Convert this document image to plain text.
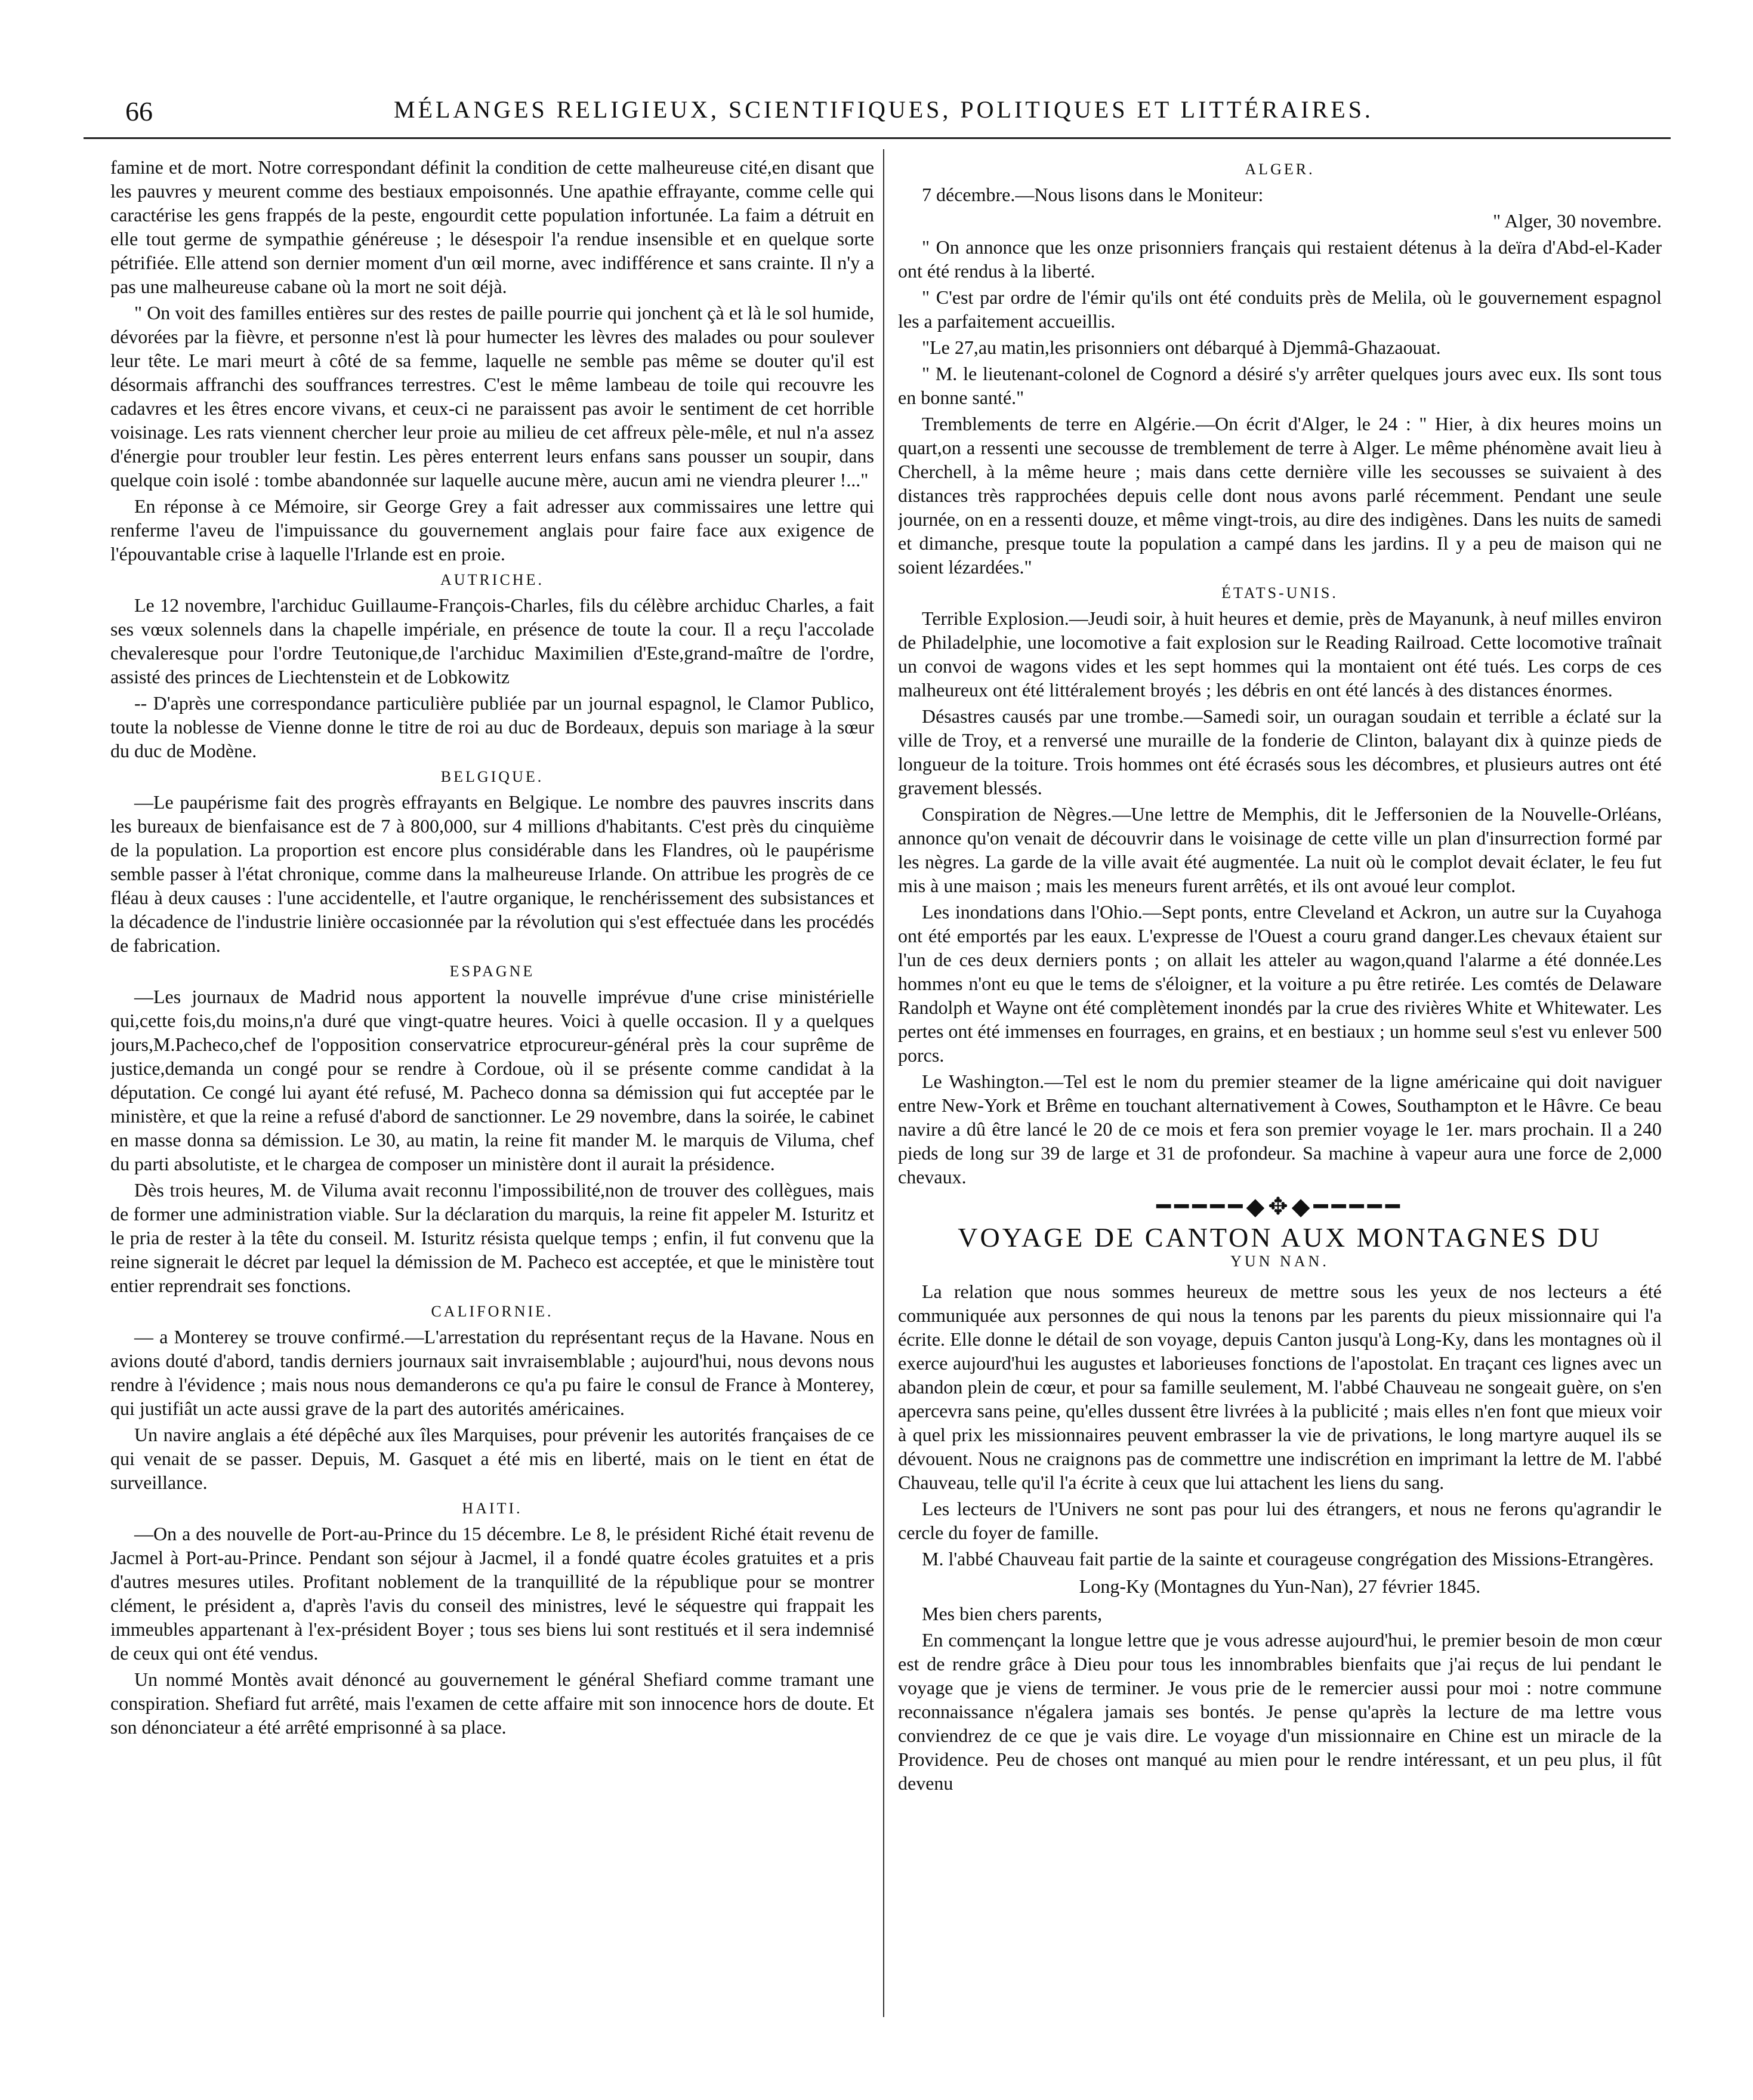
66	MÉLANGES RELIGIEUX, SCIENTIFIQUES, POLITIQUES ET LITTÉRAIRES.

famine et de mort. Notre correspondant définit la condition de cette malheureuse cité,en disant que les pauvres y meurent comme des bestiaux empoisonnés. Une apathie effrayante, comme celle qui caractérise les gens frappés de la peste, engourdit cette population infortunée. La faim a détruit en elle tout germe de sympathie généreuse ; le désespoir l'a rendue insensible et en quelque sorte pétrifiée. Elle attend son dernier moment d'un œil morne, avec indifférence et sans crainte. Il n'y a pas une malheureuse cabane où la mort ne soit déjà.

" On voit des familles entières sur des restes de paille pourrie qui jonchent çà et là le sol humide, dévorées par la fièvre, et personne n'est là pour humecter les lèvres des malades ou pour soulever leur tête. Le mari meurt à côté de sa femme, laquelle ne semble pas même se douter qu'il est désormais affranchi des souffrances terrestres. C'est le même lambeau de toile qui recouvre les cadavres et les êtres encore vivans, et ceux-ci ne paraissent pas avoir le sentiment de cet horrible voisinage. Les rats viennent chercher leur proie au milieu de cet affreux pèle-mêle, et nul n'a assez d'énergie pour troubler leur festin. Les pères enterrent leurs enfans sans pousser un soupir, dans quelque coin isolé : tombe abandonnée sur laquelle aucune mère, aucun ami ne viendra pleurer !..."

En réponse à ce Mémoire, sir George Grey a fait adresser aux commissaires une lettre qui renferme l'aveu de l'impuissance du gouvernement anglais pour faire face aux exigence de l'épouvantable crise à laquelle l'Irlande est en proie.

AUTRICHE.

Le 12 novembre, l'archiduc Guillaume-François-Charles, fils du célèbre archiduc Charles, a fait ses vœux solennels dans la chapelle impériale, en présence de toute la cour. Il a reçu l'accolade chevaleresque pour l'ordre Teutonique,de l'archiduc Maximilien d'Este,grand-maître de l'ordre, assisté des princes de Liechtenstein et de Lobkowitz

-- D'après une correspondance particulière publiée par un journal espagnol, le Clamor Publico, toute la noblesse de Vienne donne le titre de roi au duc de Bordeaux, depuis son mariage à la sœur du duc de Modène.

BELGIQUE.

—Le paupérisme fait des progrès effrayants en Belgique. Le nombre des pauvres inscrits dans les bureaux de bienfaisance est de 7 à 800,000, sur 4 millions d'habitants. C'est près du cinquième de la population. La proportion est encore plus considérable dans les Flandres, où le paupérisme semble passer à l'état chronique, comme dans la malheureuse Irlande. On attribue les progrès de ce fléau à deux causes : l'une accidentelle, et l'autre organique, le renchérissement des subsistances et la décadence de l'industrie linière occasionnée par la révolution qui s'est effectuée dans les procédés de fabrication.

ESPAGNE

—Les journaux de Madrid nous apportent la nouvelle imprévue d'une crise ministérielle qui,cette fois,du moins,n'a duré que vingt-quatre heures. Voici à quelle occasion. Il y a quelques jours,M.Pacheco,chef de l'opposition conservatrice etprocureur-général près la cour suprême de justice,demanda un congé pour se rendre à Cordoue, où il se présente comme candidat à la députation. Ce congé lui ayant été refusé, M. Pacheco donna sa démission qui fut acceptée par le ministère, et que la reine a refusé d'abord de sanctionner. Le 29 novembre, dans la soirée, le cabinet en masse donna sa démission. Le 30, au matin, la reine fit mander M. le marquis de Viluma, chef du parti absolutiste, et le chargea de composer un ministère dont il aurait la présidence.

Dès trois heures, M. de Viluma avait reconnu l'impossibilité,non de trouver des collègues, mais de former une administration viable. Sur la déclaration du marquis, la reine fit appeler M. Isturitz et le pria de rester à la tête du conseil. M. Isturitz résista quelque temps ; enfin, il fut convenu que la reine signerait le décret par lequel la démission de M. Pacheco est acceptée, et que le ministère tout entier reprendrait ses fonctions.

CALIFORNIE.

— a Monterey se trouve confirmé.—L'arrestation du représentant reçus de la Havane. Nous en avions douté d'abord, tandis derniers journaux sait invraisemblable ; aujourd'hui, nous devons nous rendre à l'évidence ; mais nous nous demanderons ce qu'a pu faire le consul de France à Monterey, qui justifiât un acte aussi grave de la part des autorités américaines.

Un navire anglais a été dépêché aux îles Marquises, pour prévenir les autorités françaises de ce qui venait de se passer. Depuis, M. Gasquet a été mis en liberté, mais on le tient en état de surveillance.

HAITI.

—On a des nouvelle de Port-au-Prince du 15 décembre. Le 8, le président Riché était revenu de Jacmel à Port-au-Prince. Pendant son séjour à Jacmel, il a fondé quatre écoles gratuites et a pris d'autres mesures utiles. Profitant noblement de la tranquillité de la république pour se montrer clément, le président a, d'après l'avis du conseil des ministres, levé le séquestre qui frappait les immeubles appartenant à l'ex-président Boyer ; tous ses biens lui sont restitués et il sera indemnisé de ceux qui ont été vendus.

Un nommé Montès avait dénoncé au gouvernement le général Shefiard comme tramant une conspiration. Shefiard fut arrêté, mais l'examen de cette affaire mit son innocence hors de doute. Et son dénonciateur a été arrêté emprisonné à sa place.

ALGER.

7 décembre.—Nous lisons dans le Moniteur:

" Alger, 30 novembre.

" On annonce que les onze prisonniers français qui restaient détenus à la deïra d'Abd-el-Kader ont été rendus à la liberté.

" C'est par ordre de l'émir qu'ils ont été conduits près de Melila, où le gouvernement espagnol les a parfaitement accueillis.

"Le 27,au matin,les prisonniers ont débarqué à Djemmâ-Ghazaouat.

" M. le lieutenant-colonel de Cognord a désiré s'y arrêter quelques jours avec eux. Ils sont tous en bonne santé."

Tremblements de terre en Algérie.—On écrit d'Alger, le 24 : " Hier, à dix heures moins un quart,on a ressenti une secousse de tremblement de terre à Alger. Le même phénomène avait lieu à Cherchell, à la même heure ; mais dans cette dernière ville les secousses se suivaient à des distances très rapprochées depuis celle dont nous avons parlé récemment. Pendant une seule journée, on en a ressenti douze, et même vingt-trois, au dire des indigènes. Dans les nuits de samedi et dimanche, presque toute la population a campé dans les jardins. Il y a peu de maison qui ne soient lézardées."

ÉTATS-UNIS.

Terrible Explosion.—Jeudi soir, à huit heures et demie, près de Mayanunk, à neuf milles environ de Philadelphie, une locomotive a fait explosion sur le Reading Railroad. Cette locomotive traînait un convoi de wagons vides et les sept hommes qui la montaient ont été tués. Les corps de ces malheureux ont été littéralement broyés ; les débris en ont été lancés à des distances énormes.

Désastres causés par une trombe.—Samedi soir, un ouragan soudain et terrible a éclaté sur la ville de Troy, et a renversé une muraille de la fonderie de Clinton, balayant dix à quinze pieds de longueur de la toiture. Trois hommes ont été écrasés sous les décombres, et plusieurs autres ont été gravement blessés.

Conspiration de Nègres.—Une lettre de Memphis, dit le Jeffersonien de la Nouvelle-Orléans, annonce qu'on venait de découvrir dans le voisinage de cette ville un plan d'insurrection formé par les nègres. La garde de la ville avait été augmentée. La nuit où le complot devait éclater, le feu fut mis à une maison ; mais les meneurs furent arrêtés, et ils ont avoué leur complot.

Les inondations dans l'Ohio.—Sept ponts, entre Cleveland et Ackron, un autre sur la Cuyahoga ont été emportés par les eaux. L'expresse de l'Ouest a couru grand danger.Les chevaux étaient sur l'un de ces deux derniers ponts ; on allait les atteler au wagon,quand l'alarme a été donnée.Les hommes n'ont eu que le tems de s'éloigner, et la voiture a pu être retirée. Les comtés de Delaware Randolph et Wayne ont été complètement inondés par la crue des rivières White et Whitewater. Les pertes ont été immenses en fourrages, en grains, et en bestiaux ; un homme seul s'est vu enlever 500 porcs.

Le Washington.—Tel est le nom du premier steamer de la ligne américaine qui doit naviguer entre New-York et Brême en touchant alternativement à Cowes, Southampton et le Hâvre. Ce beau navire a dû être lancé le 20 de ce mois et fera son premier voyage le 1er. mars prochain. Il a 240 pieds de long sur 39 de large et 31 de profondeur. Sa machine à vapeur aura une force de 2,000 chevaux.

━━━━━◆✥◆━━━━━
VOYAGE DE CANTON AUX MONTAGNES DU
YUN NAN.

La relation que nous sommes heureux de mettre sous les yeux de nos lecteurs a été communiquée aux personnes de qui nous la tenons par les parents du pieux missionnaire qui l'a écrite. Elle donne le détail de son voyage, depuis Canton jusqu'à Long-Ky, dans les montagnes où il exerce aujourd'hui les augustes et laborieuses fonctions de l'apostolat. En traçant ces lignes avec un abandon plein de cœur, et pour sa famille seulement, M. l'abbé Chauveau ne songeait guère, on s'en apercevra sans peine, qu'elles dussent être livrées à la publicité ; mais elles n'en font que mieux voir à quel prix les missionnaires peuvent embrasser la vie de privations, le long martyre auquel ils se dévouent. Nous ne craignons pas de commettre une indiscrétion en imprimant la lettre de M. l'abbé Chauveau, telle qu'il l'a écrite à ceux que lui attachent les liens du sang.

Les lecteurs de l'Univers ne sont pas pour lui des étrangers, et nous ne ferons qu'agrandir le cercle du foyer de famille.

M. l'abbé Chauveau fait partie de la sainte et courageuse congrégation des Missions-Etrangères.

Long-Ky (Montagnes du Yun-Nan), 27 février 1845.

Mes bien chers parents,

En commençant la longue lettre que je vous adresse aujourd'hui, le premier besoin de mon cœur est de rendre grâce à Dieu pour tous les innombrables bienfaits que j'ai reçus de lui pendant le voyage que je viens de terminer. Je vous prie de le remercier aussi pour moi : notre commune reconnaissance n'égalera jamais ses bontés. Je pense qu'après la lecture de ma lettre vous conviendrez de ce que je vais dire. Le voyage d'un missionnaire en Chine est un miracle de la Providence. Peu de choses ont manqué au mien pour le rendre intéressant, et un peu plus, il fût devenu
